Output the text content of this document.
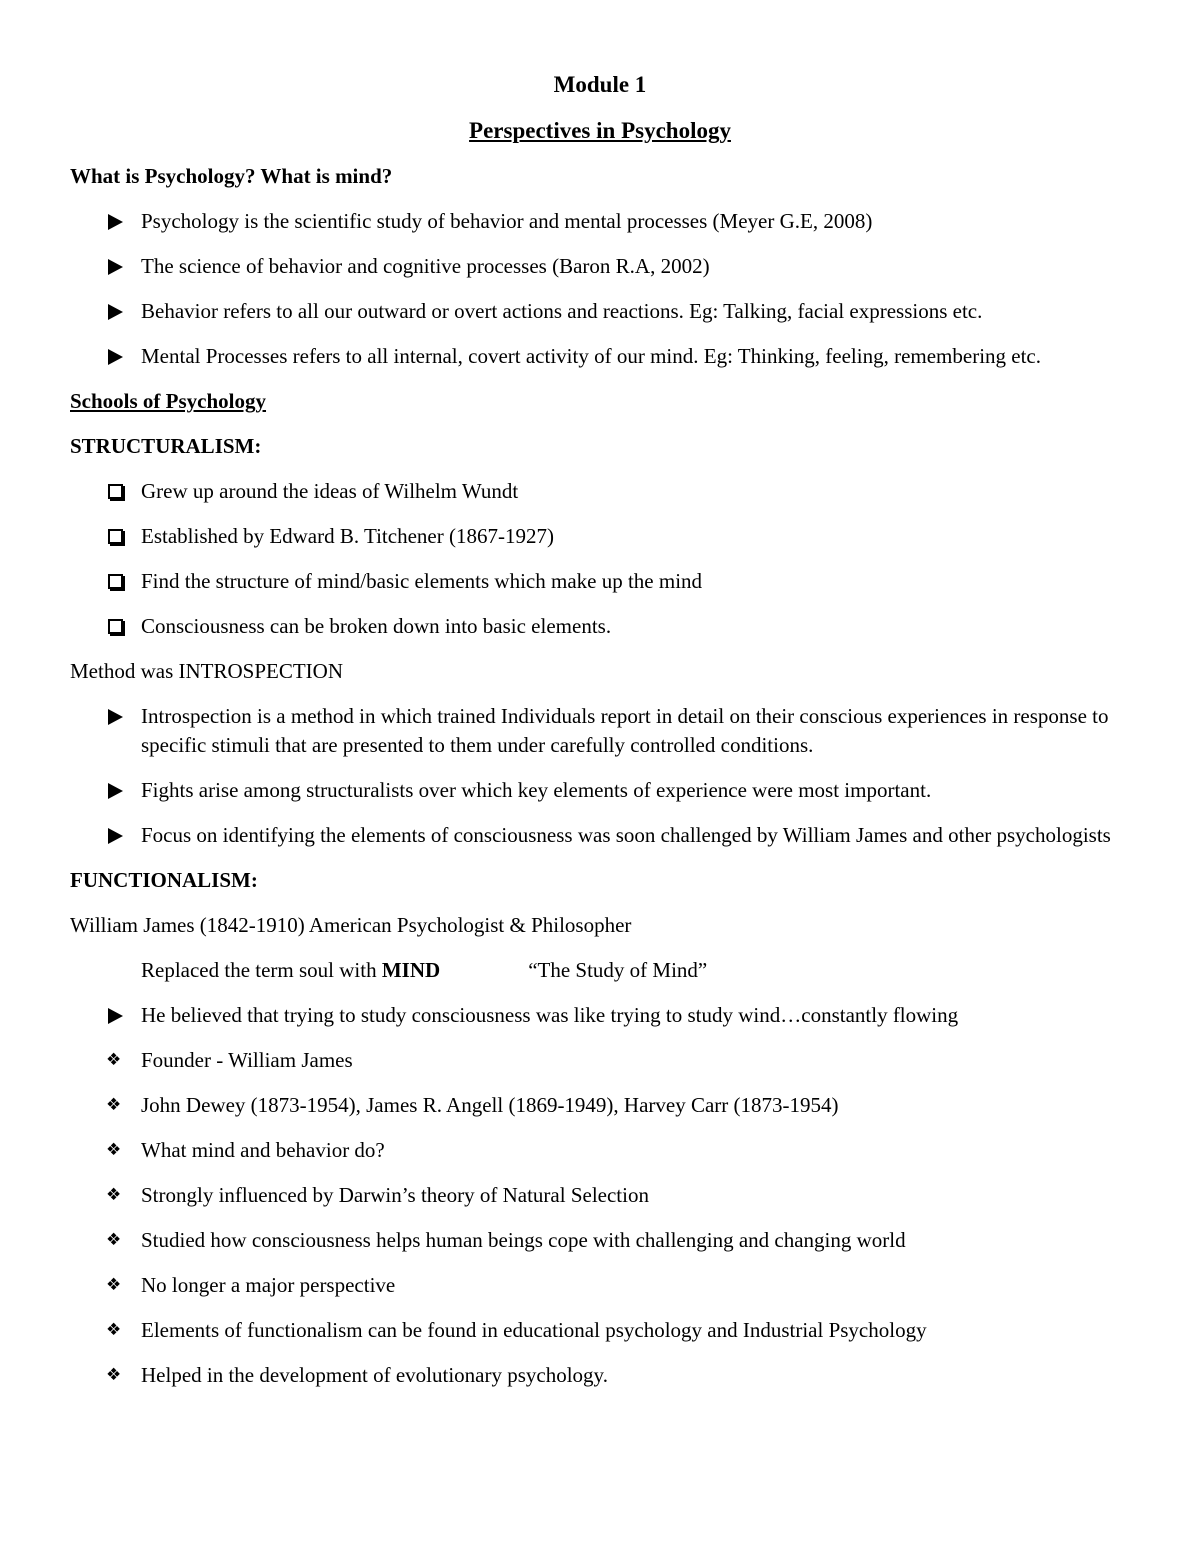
Module 1
Perspectives in Psychology
What is Psychology? What is mind?
Psychology is the scientific study of behavior and mental processes (Meyer G.E, 2008)
The science of behavior and cognitive processes (Baron R.A, 2002)
Behavior refers to all our outward or overt actions and reactions. Eg: Talking, facial expressions etc.
Mental Processes refers to all internal, covert activity of our mind. Eg: Thinking, feeling, remembering etc.
Schools of Psychology
STRUCTURALISM:
Grew up around the ideas of Wilhelm Wundt
Established by Edward B. Titchener (1867-1927)
Find the structure of mind/basic elements which make up the mind
Consciousness can be broken down into basic elements.
Method was INTROSPECTION
Introspection is a method in which trained Individuals report in detail on their conscious experiences in response to specific stimuli that are presented to them under carefully controlled conditions.
Fights arise among structuralists over which key elements of experience were most important.
Focus on identifying the elements of consciousness was soon challenged by William James and other psychologists
FUNCTIONALISM:
William James (1842-1910) American Psychologist & Philosopher
Replaced the term soul with MIND	“The Study of Mind”
He believed that trying to study consciousness was like trying to study wind…constantly flowing
❖ Founder - William James
❖ John Dewey (1873-1954), James R. Angell (1869-1949), Harvey Carr (1873-1954)
❖ What mind and behavior do?
❖ Strongly influenced by Darwin’s theory of Natural Selection
❖ Studied how consciousness helps human beings cope with challenging and changing world
❖ No longer a major perspective
❖ Elements of functionalism can be found in educational psychology and Industrial Psychology
❖ Helped in the development of evolutionary psychology.
